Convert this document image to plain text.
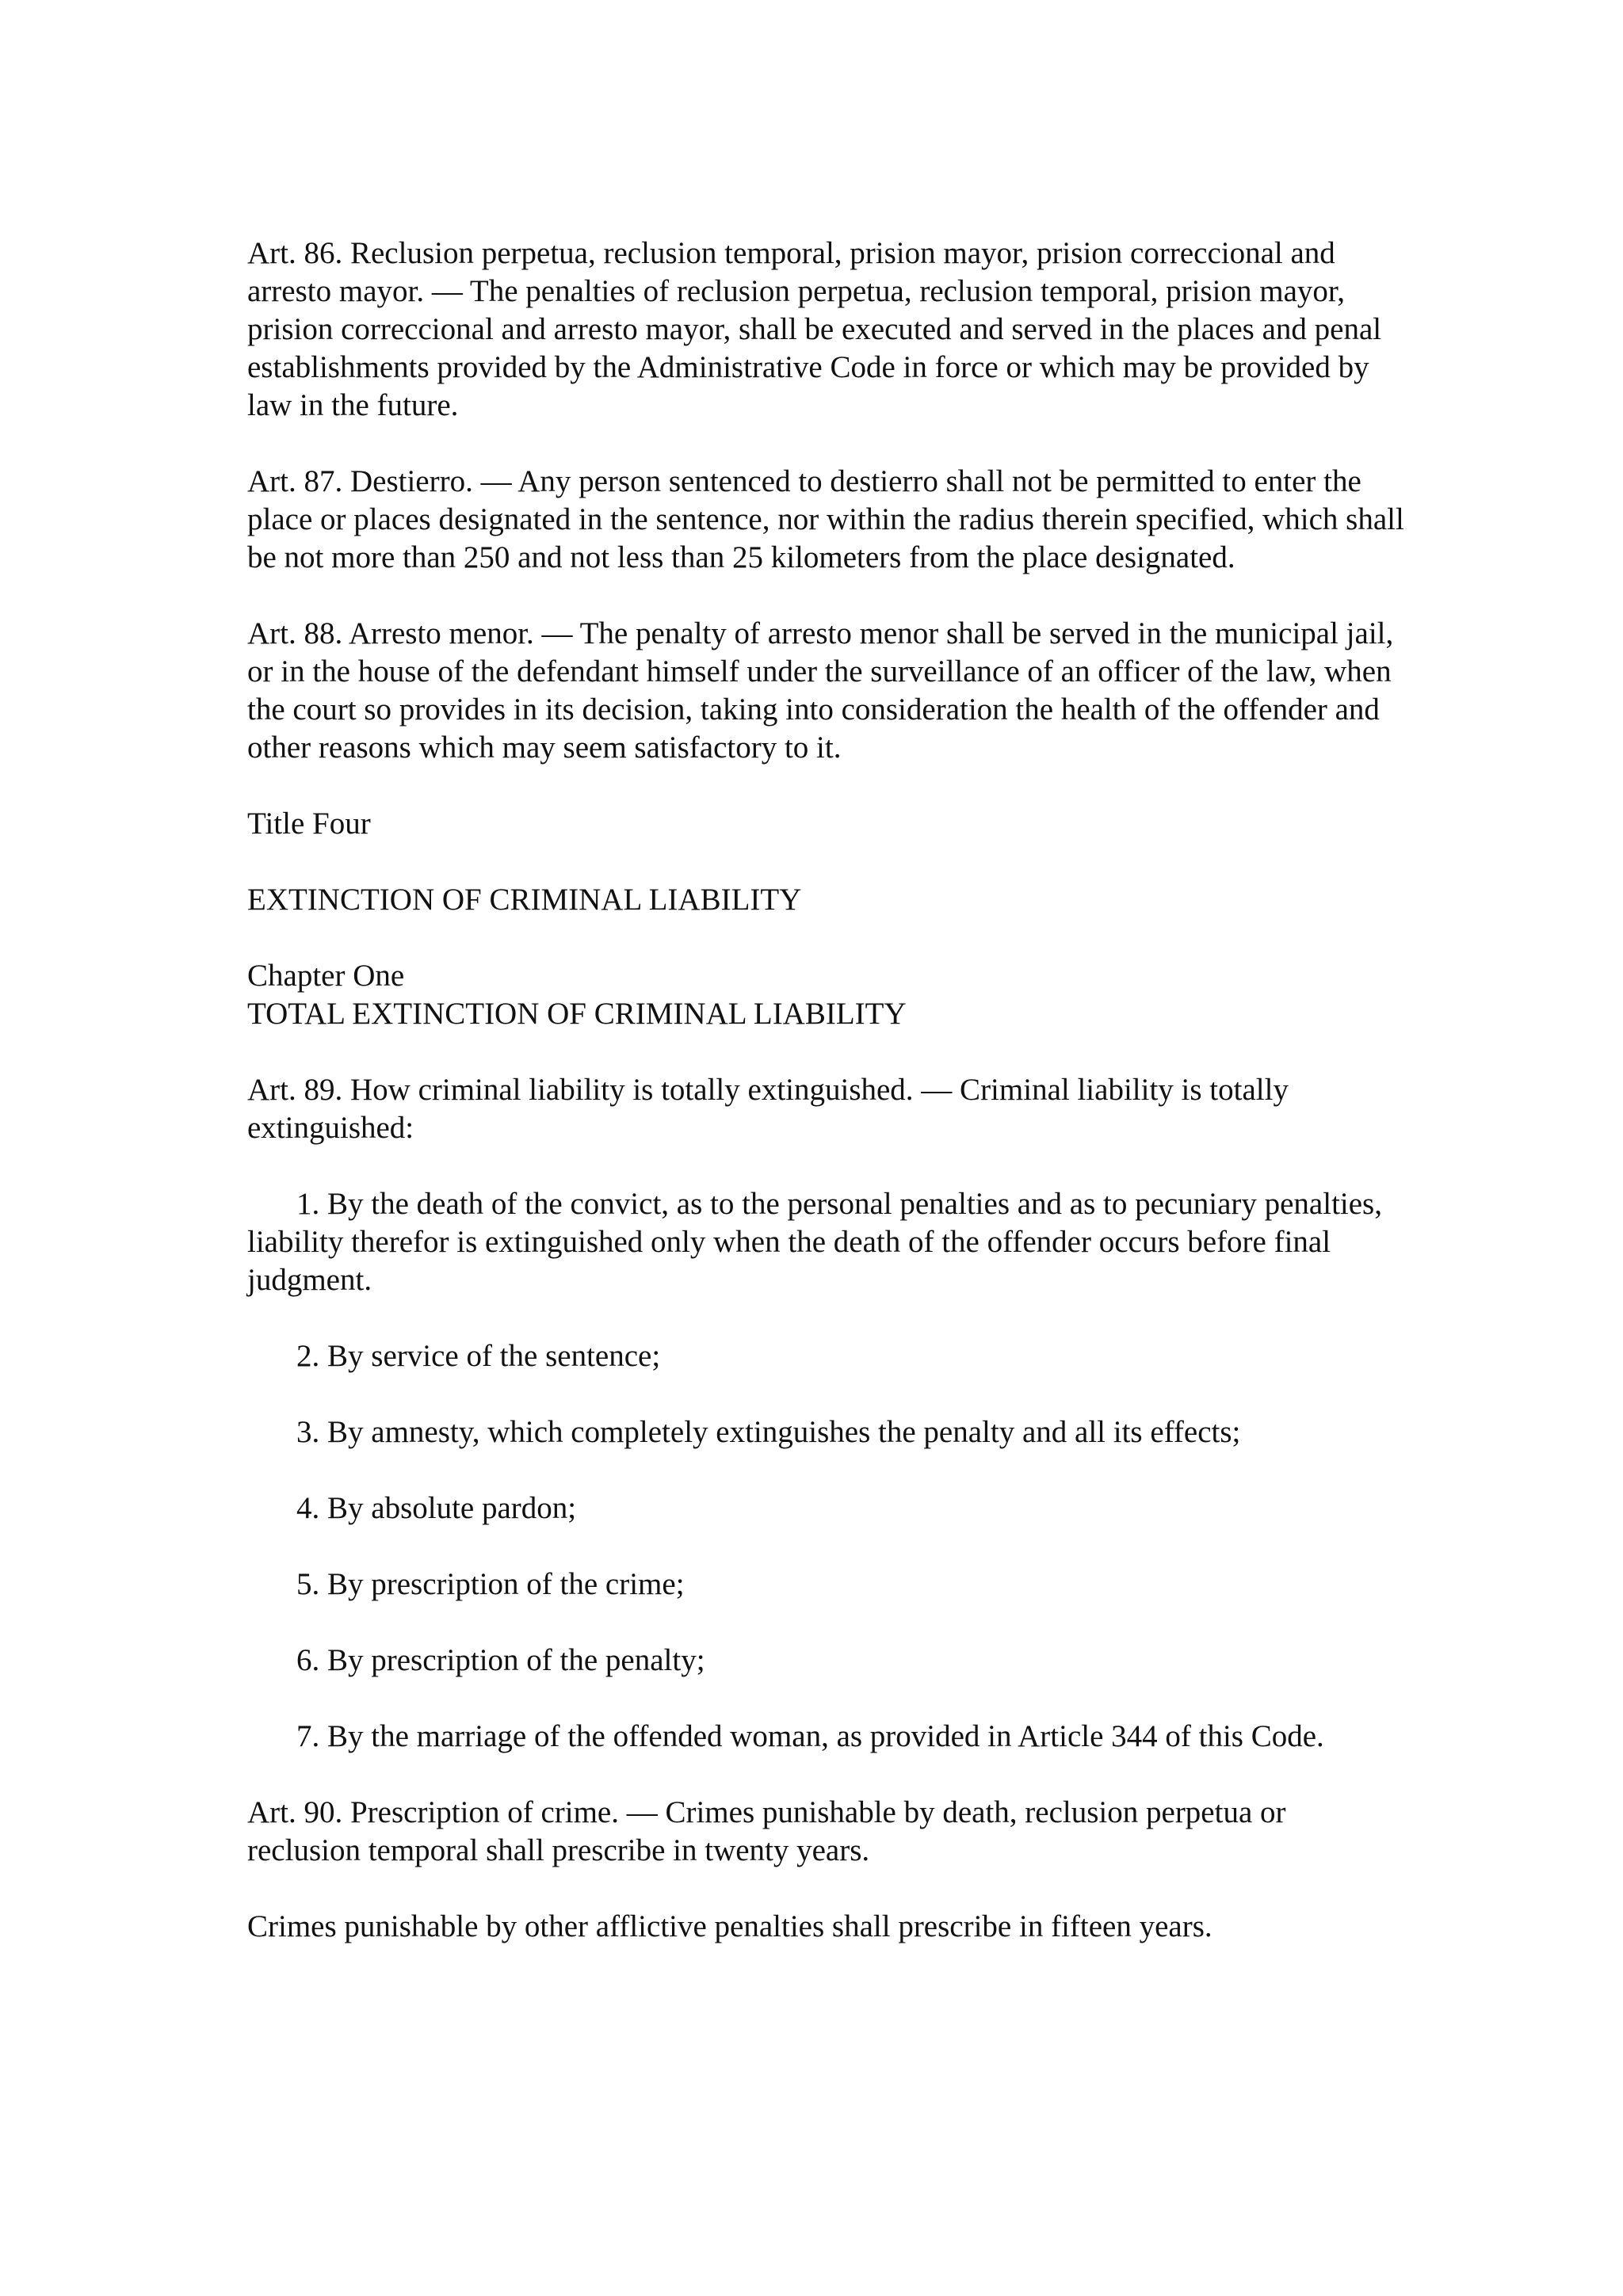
Art. 86. Reclusion perpetua, reclusion temporal, prision mayor, prision correccional and arresto mayor. — The penalties of reclusion perpetua, reclusion temporal, prision mayor, prision correccional and arresto mayor, shall be executed and served in the places and penal establishments provided by the Administrative Code in force or which may be provided by law in the future.

Art. 87. Destierro. — Any person sentenced to destierro shall not be permitted to enter the place or places designated in the sentence, nor within the radius therein specified, which shall be not more than 250 and not less than 25 kilometers from the place designated.

Art. 88. Arresto menor. — The penalty of arresto menor shall be served in the municipal jail, or in the house of the defendant himself under the surveillance of an officer of the law, when the court so provides in its decision, taking into consideration the health of the offender and other reasons which may seem satisfactory to it.

Title Four

EXTINCTION OF CRIMINAL LIABILITY

Chapter One

TOTAL EXTINCTION OF CRIMINAL LIABILITY

Art. 89. How criminal liability is totally extinguished. — Criminal liability is totally extinguished:

1. By the death of the convict, as to the personal penalties and as to pecuniary penalties, liability therefor is extinguished only when the death of the offender occurs before final judgment.

2. By service of the sentence;

3. By amnesty, which completely extinguishes the penalty and all its effects;

4. By absolute pardon;

5. By prescription of the crime;

6. By prescription of the penalty;

7. By the marriage of the offended woman, as provided in Article 344 of this Code.

Art. 90. Prescription of crime. — Crimes punishable by death, reclusion perpetua or reclusion temporal shall prescribe in twenty years.

Crimes punishable by other afflictive penalties shall prescribe in fifteen years.
